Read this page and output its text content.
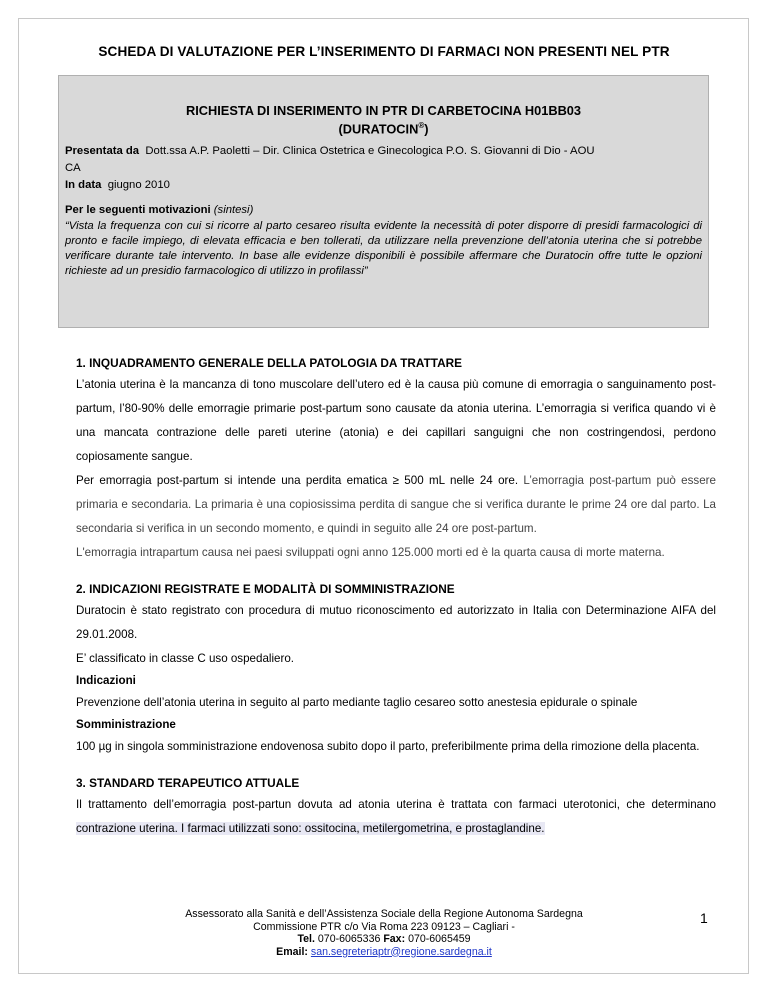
SCHEDA DI VALUTAZIONE PER L’INSERIMENTO DI FARMACI NON PRESENTI NEL PTR
RICHIESTA DI INSERIMENTO IN PTR DI CARBETOCINA H01BB03
(DURATOCIN®)
Presentata da Dott.ssa A.P. Paoletti – Dir. Clinica Ostetrica e Ginecologica P.O. S. Giovanni di Dio - AOU
CA
In data giugno 2010
Per le seguenti motivazioni (sintesi)
“Vista la frequenza con cui si ricorre al parto cesareo risulta evidente la necessità di poter disporre di presidi farmacologici di pronto e facile impiego, di elevata efficacia e ben tollerati, da utilizzare nella prevenzione dell’atonia uterina che si potrebbe verificare durante tale intervento. In base alle evidenze disponibili è possibile affermare che Duratocin offre tutte le opzioni richieste ad un presidio farmacologico di utilizzo in profilassi”
1. INQUADRAMENTO GENERALE DELLA PATOLOGIA DA TRATTARE
L’atonia uterina è la mancanza di tono muscolare dell’utero ed è la causa più comune di emorragia o sanguinamento post-partum, l’80-90% delle emorragie primarie post-partum sono causate da atonia uterina. L’emorragia si verifica quando vi è una mancata contrazione delle pareti uterine (atonia) e dei capillari sanguigni che non costringendosi, perdono copiosamente sangue.
Per emorragia post-partum si intende una perdita ematica ≥ 500 mL nelle 24 ore. L’emorragia post-partum può essere primaria e secondaria. La primaria è una copiosissima perdita di sangue che si verifica durante le prime 24 ore dal parto. La secondaria si verifica in un secondo momento, e quindi in seguito alle 24 ore post-partum.
L'emorragia intrapartum causa nei paesi sviluppati ogni anno 125.000 morti ed è la quarta causa di morte materna.
2. INDICAZIONI REGISTRATE E MODALITÀ DI SOMMINISTRAZIONE
Duratocin è stato registrato con procedura di mutuo riconoscimento ed autorizzato in Italia con Determinazione AIFA del 29.01.2008.
E’ classificato in classe C uso ospedaliero.
Indicazioni
Prevenzione dell’atonia uterina in seguito al parto mediante taglio cesareo sotto anestesia epidurale o spinale
Somministrazione
100 µg in singola somministrazione endovenosa subito dopo il parto, preferibilmente prima della rimozione della placenta.
3. STANDARD TERAPEUTICO ATTUALE
Il trattamento dell’emorragia post-partun dovuta ad atonia uterina è trattata con farmaci uterotonici, che determinano contrazione uterina. I farmaci utilizzati sono: ossitocina, metilergometrina, e prostaglandine.
Assessorato alla Sanità e dell’Assistenza Sociale della Regione Autonoma Sardegna
Commissione PTR c/o Via Roma 223 09123 – Cagliari -
Tel. 070-6065336 Fax: 070-6065459
Email: san.segreteriaptr@regione.sardegna.it
1
